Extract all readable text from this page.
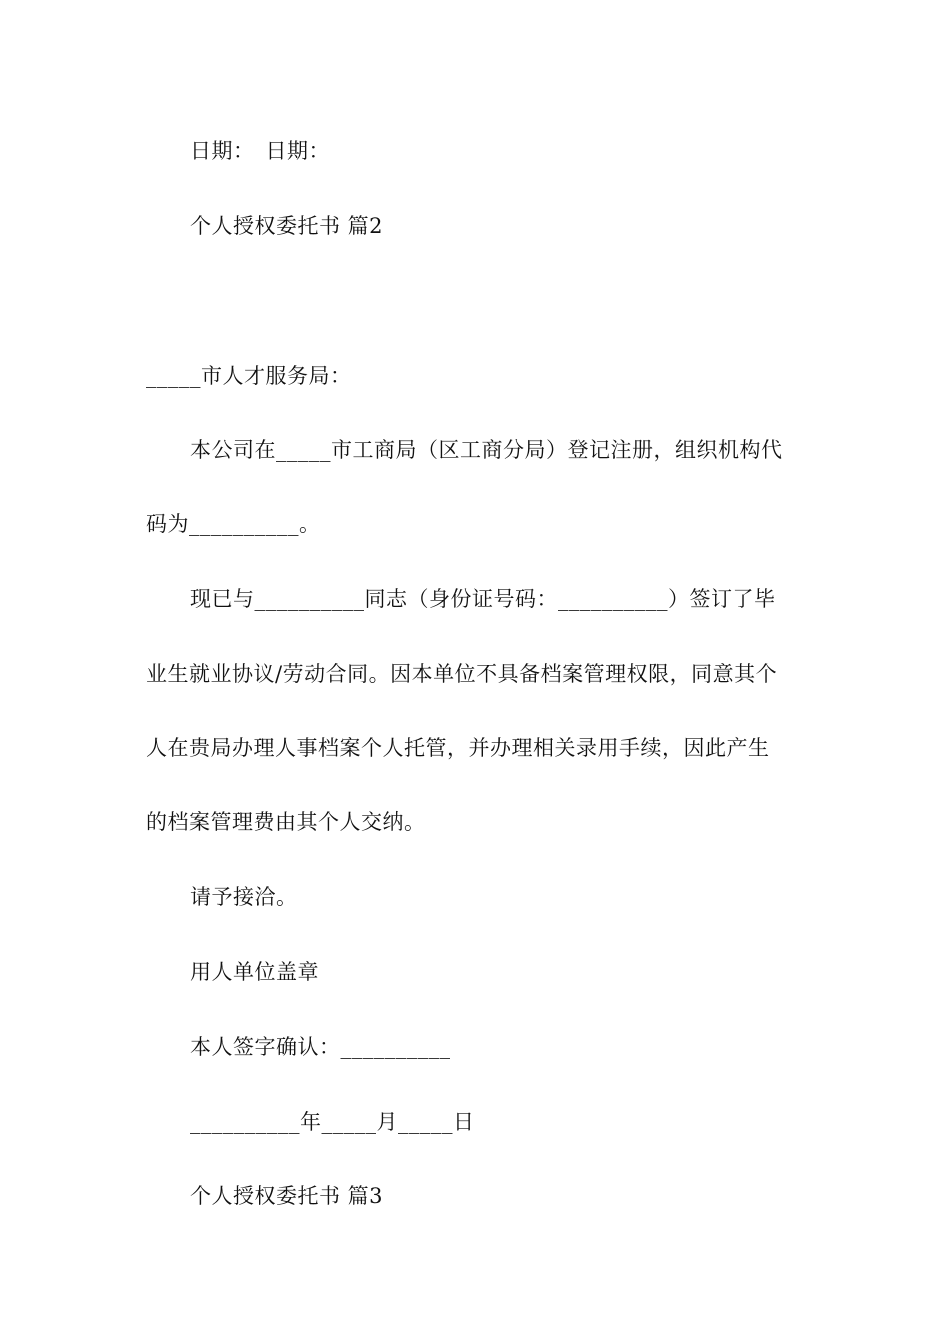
日期：　日期：
个人授权委托书 篇2
_____市人才服务局：
本公司在_____市工商局（区工商分局）登记注册，组织机构代
码为__________。
现已与__________同志（身份证号码：__________）签订了毕
业生就业协议/劳动合同。因本单位不具备档案管理权限，同意其个
人在贵局办理人事档案个人托管，并办理相关录用手续，因此产生
的档案管理费由其个人交纳。
请予接洽。
用人单位盖章
本人签字确认：__________
__________年_____月_____日
个人授权委托书 篇3
